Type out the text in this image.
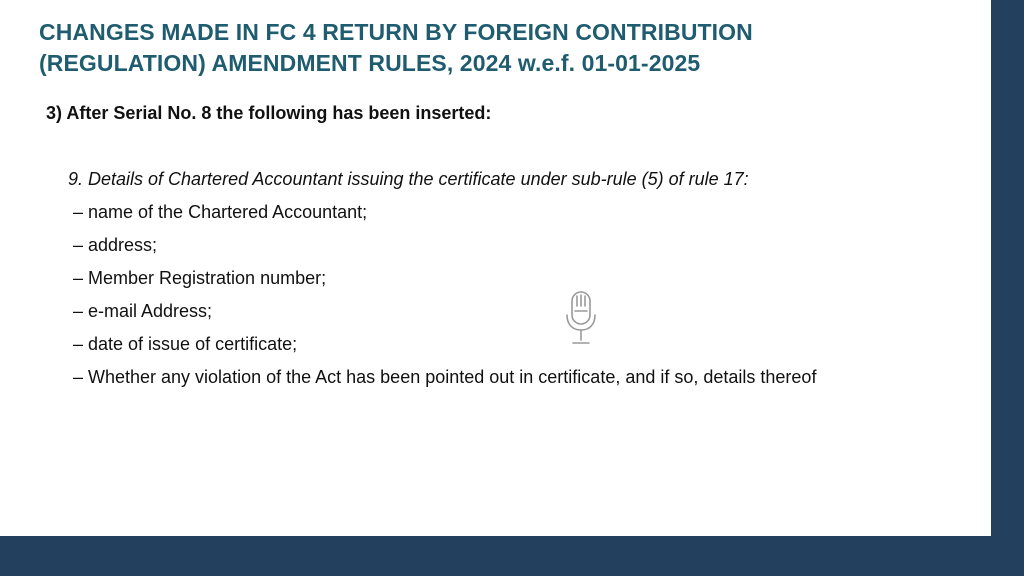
CHANGES MADE IN FC 4 RETURN BY FOREIGN CONTRIBUTION
(REGULATION) AMENDMENT RULES, 2024 w.e.f. 01-01-2025

3) After Serial No. 8 the following has been inserted:

9. Details of Chartered Accountant issuing the certificate under sub-rule (5) of rule 17:

– name of the Chartered Accountant;
– address;
– Member Registration number;
– e-mail Address;
– date of issue of certificate;
– Whether any violation of the Act has been pointed out in certificate, and if so, details thereof
